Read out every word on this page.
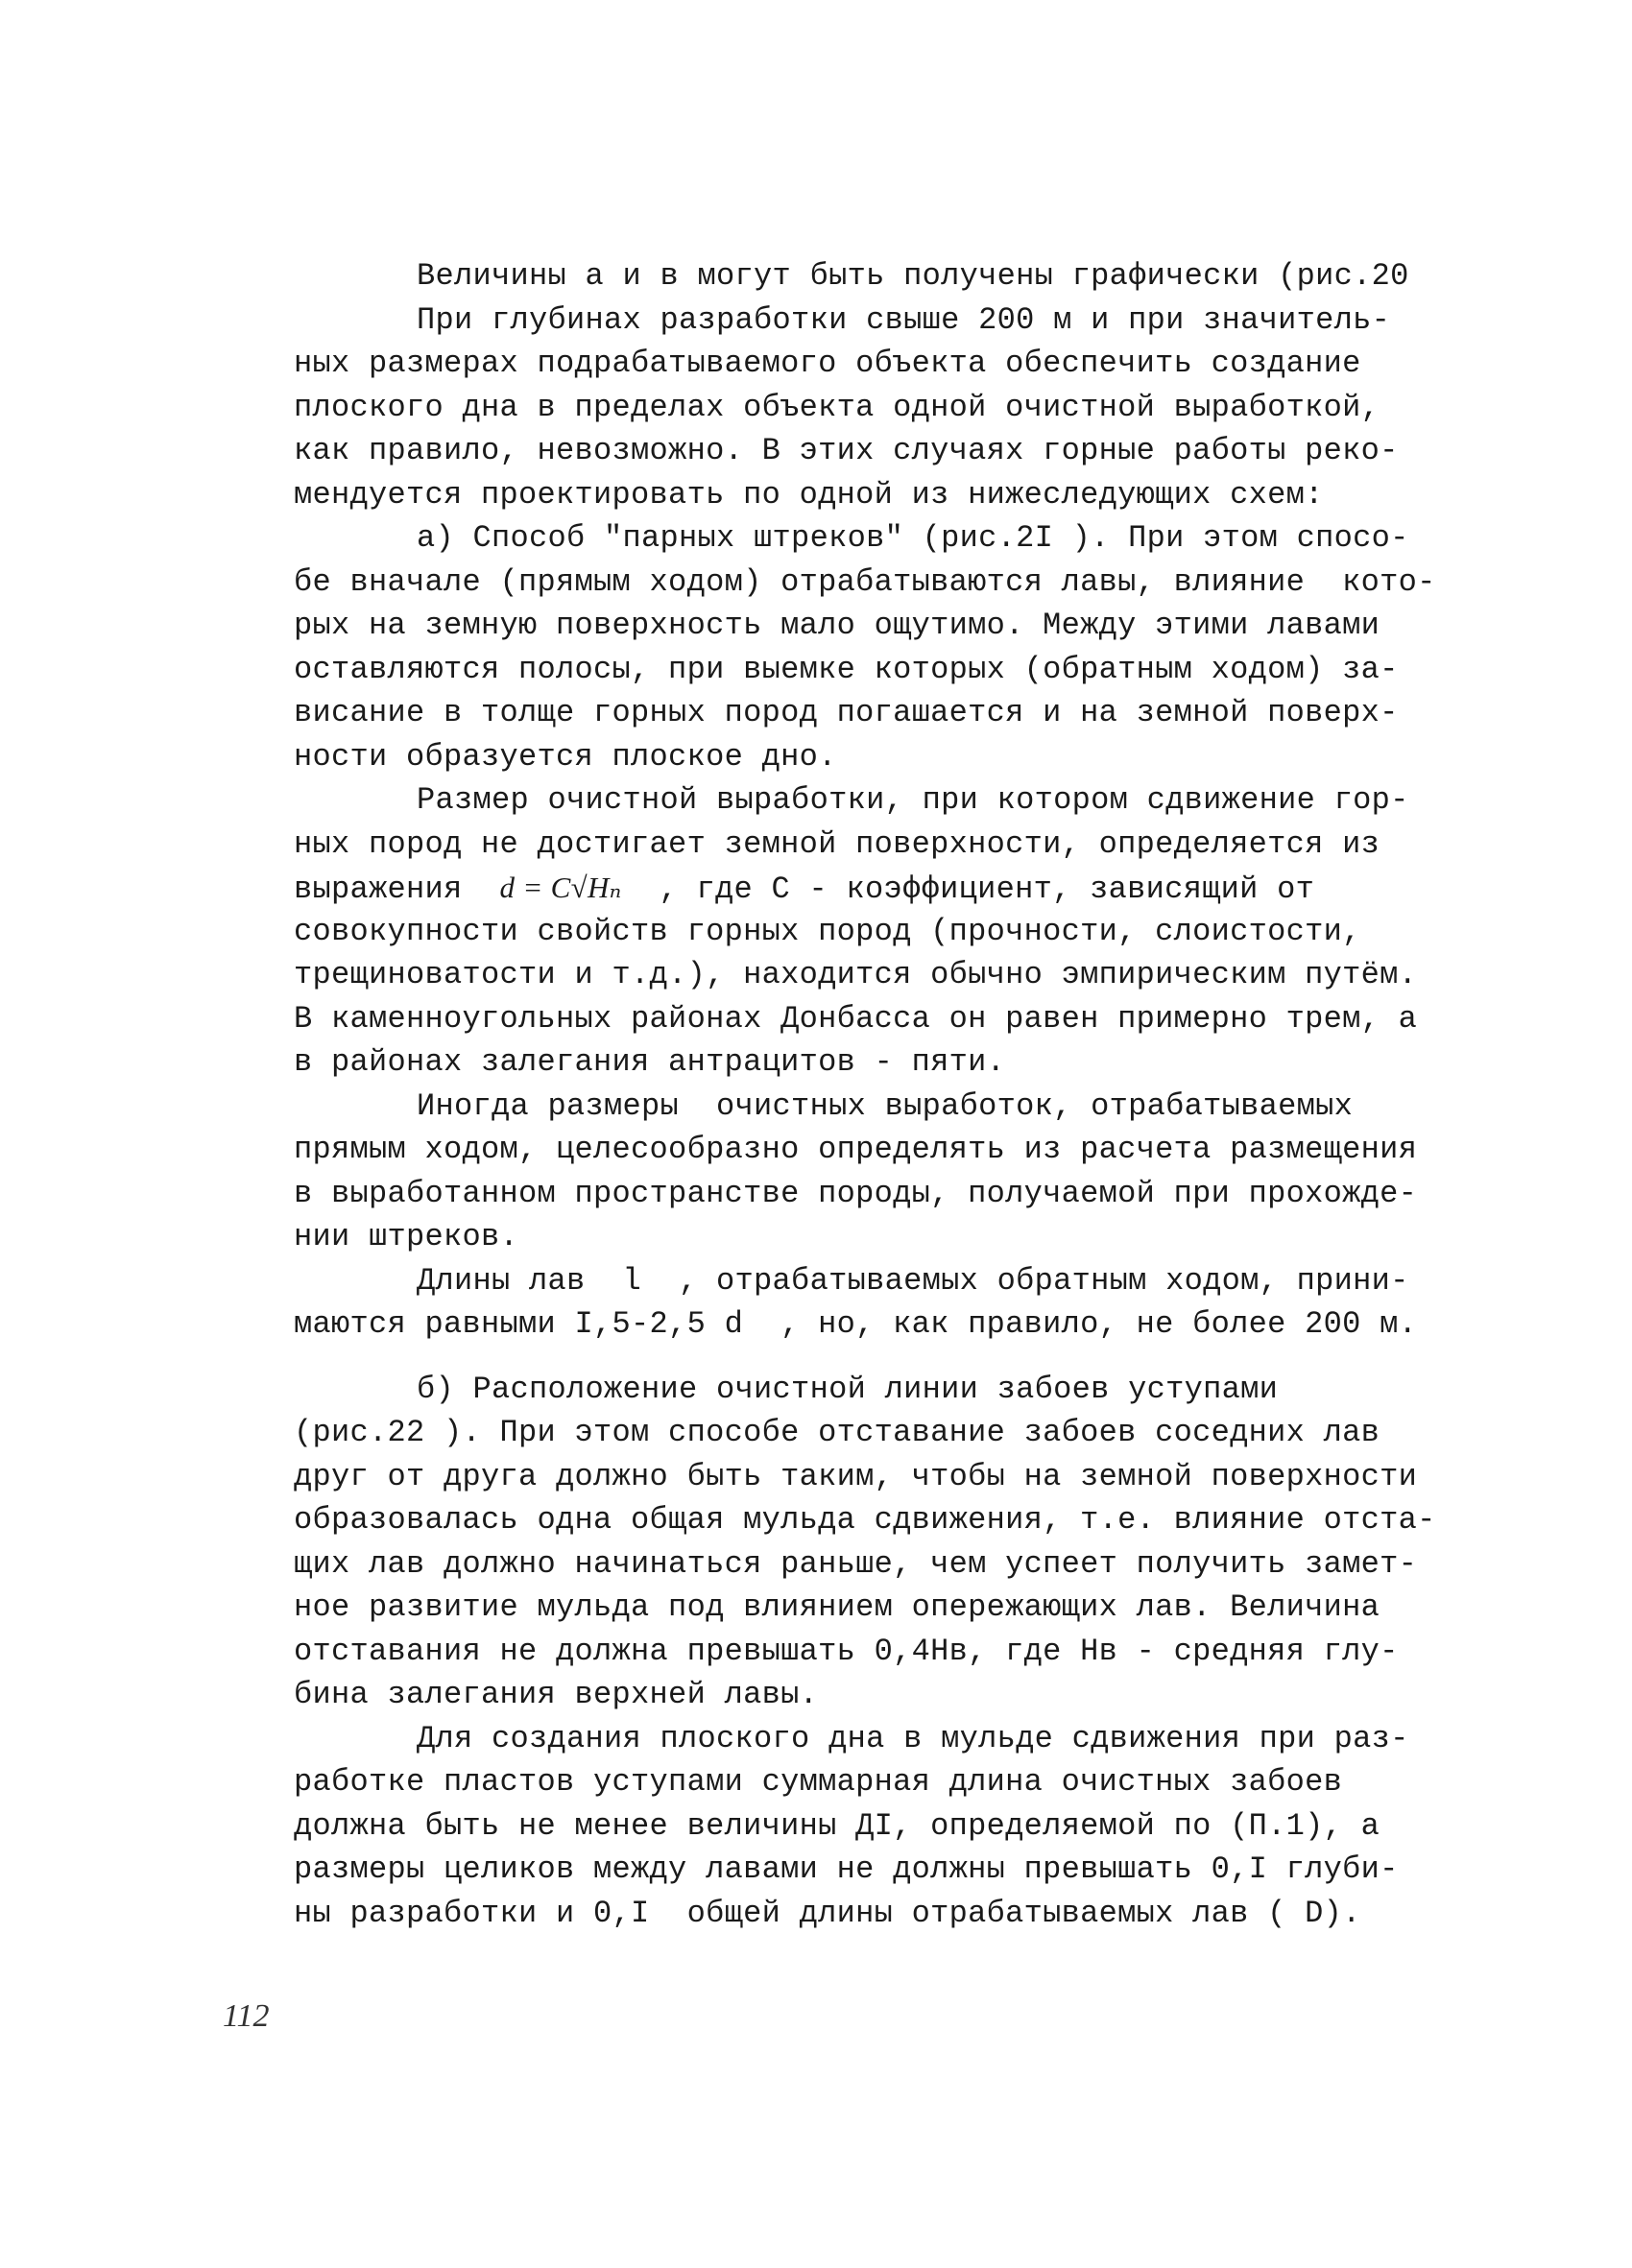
Величины а и в могут быть получены графически (рис.20
При глубинах разработки свыше 200 м и при значитель-
ных размерах подрабатываемого объекта обеспечить создание
плоского дна в пределах объекта одной очистной выработкой,
как правило, невозможно. В этих случаях горные работы реко-
мендуется проектировать по одной из нижеследующих схем:
а) Способ "парных штреков" (рис.2I ). При этом спосо-
бе вначале (прямым ходом) отрабатываются лавы, влияние  кото-
рых на земную поверхность мало ощутимо. Между этими лавами
оставляются полосы, при выемке которых (обратным ходом) за-
висание в толще горных пород погашается и на земной поверх-
ности образуется плоское дно.
Размер очистной выработки, при котором сдвижение гор-
ных пород не достигает земной поверхности, определяется из
выражения  d = C√Hₙ  , где С - коэффициент, зависящий от
совокупности свойств горных пород (прочности, слоистости,
трещиноватости и т.д.), находится обычно эмпирическим путём.
В каменноугольных районах Донбасса он равен примерно трем, а
в районах залегания антрацитов - пяти.
Иногда размеры  очистных выработок, отрабатываемых
прямым ходом, целесообразно определять из расчета размещения
в выработанном пространстве породы, получаемой при прохожде-
нии штреков.
Длины лав  l  , отрабатываемых обратным ходом, прини-
маются равными I,5-2,5 d  , но, как правило, не более 200 м.
б) Расположение очистной линии забоев уступами
(рис.22 ). При этом способе отставание забоев соседних лав
друг от друга должно быть таким, чтобы на земной поверхности
образовалась одна общая мульда сдвижения, т.е. влияние отста-
щих лав должно начинаться раньше, чем успеет получить замет-
ное развитие мульда под влиянием опережающих лав. Величина
отставания не должна превышать 0,4Нв, где Нв - средняя глу-
бина залегания верхней лавы.
Для создания плоского дна в мульде сдвижения при раз-
работке пластов уступами суммарная длина очистных забоев
должна быть не менее величины ДI, определяемой по (П.1), а
размеры целиков между лавами не должны превышать 0,I глуби-
ны разработки и 0,I  общей длины отрабатываемых лав ( D).
112
